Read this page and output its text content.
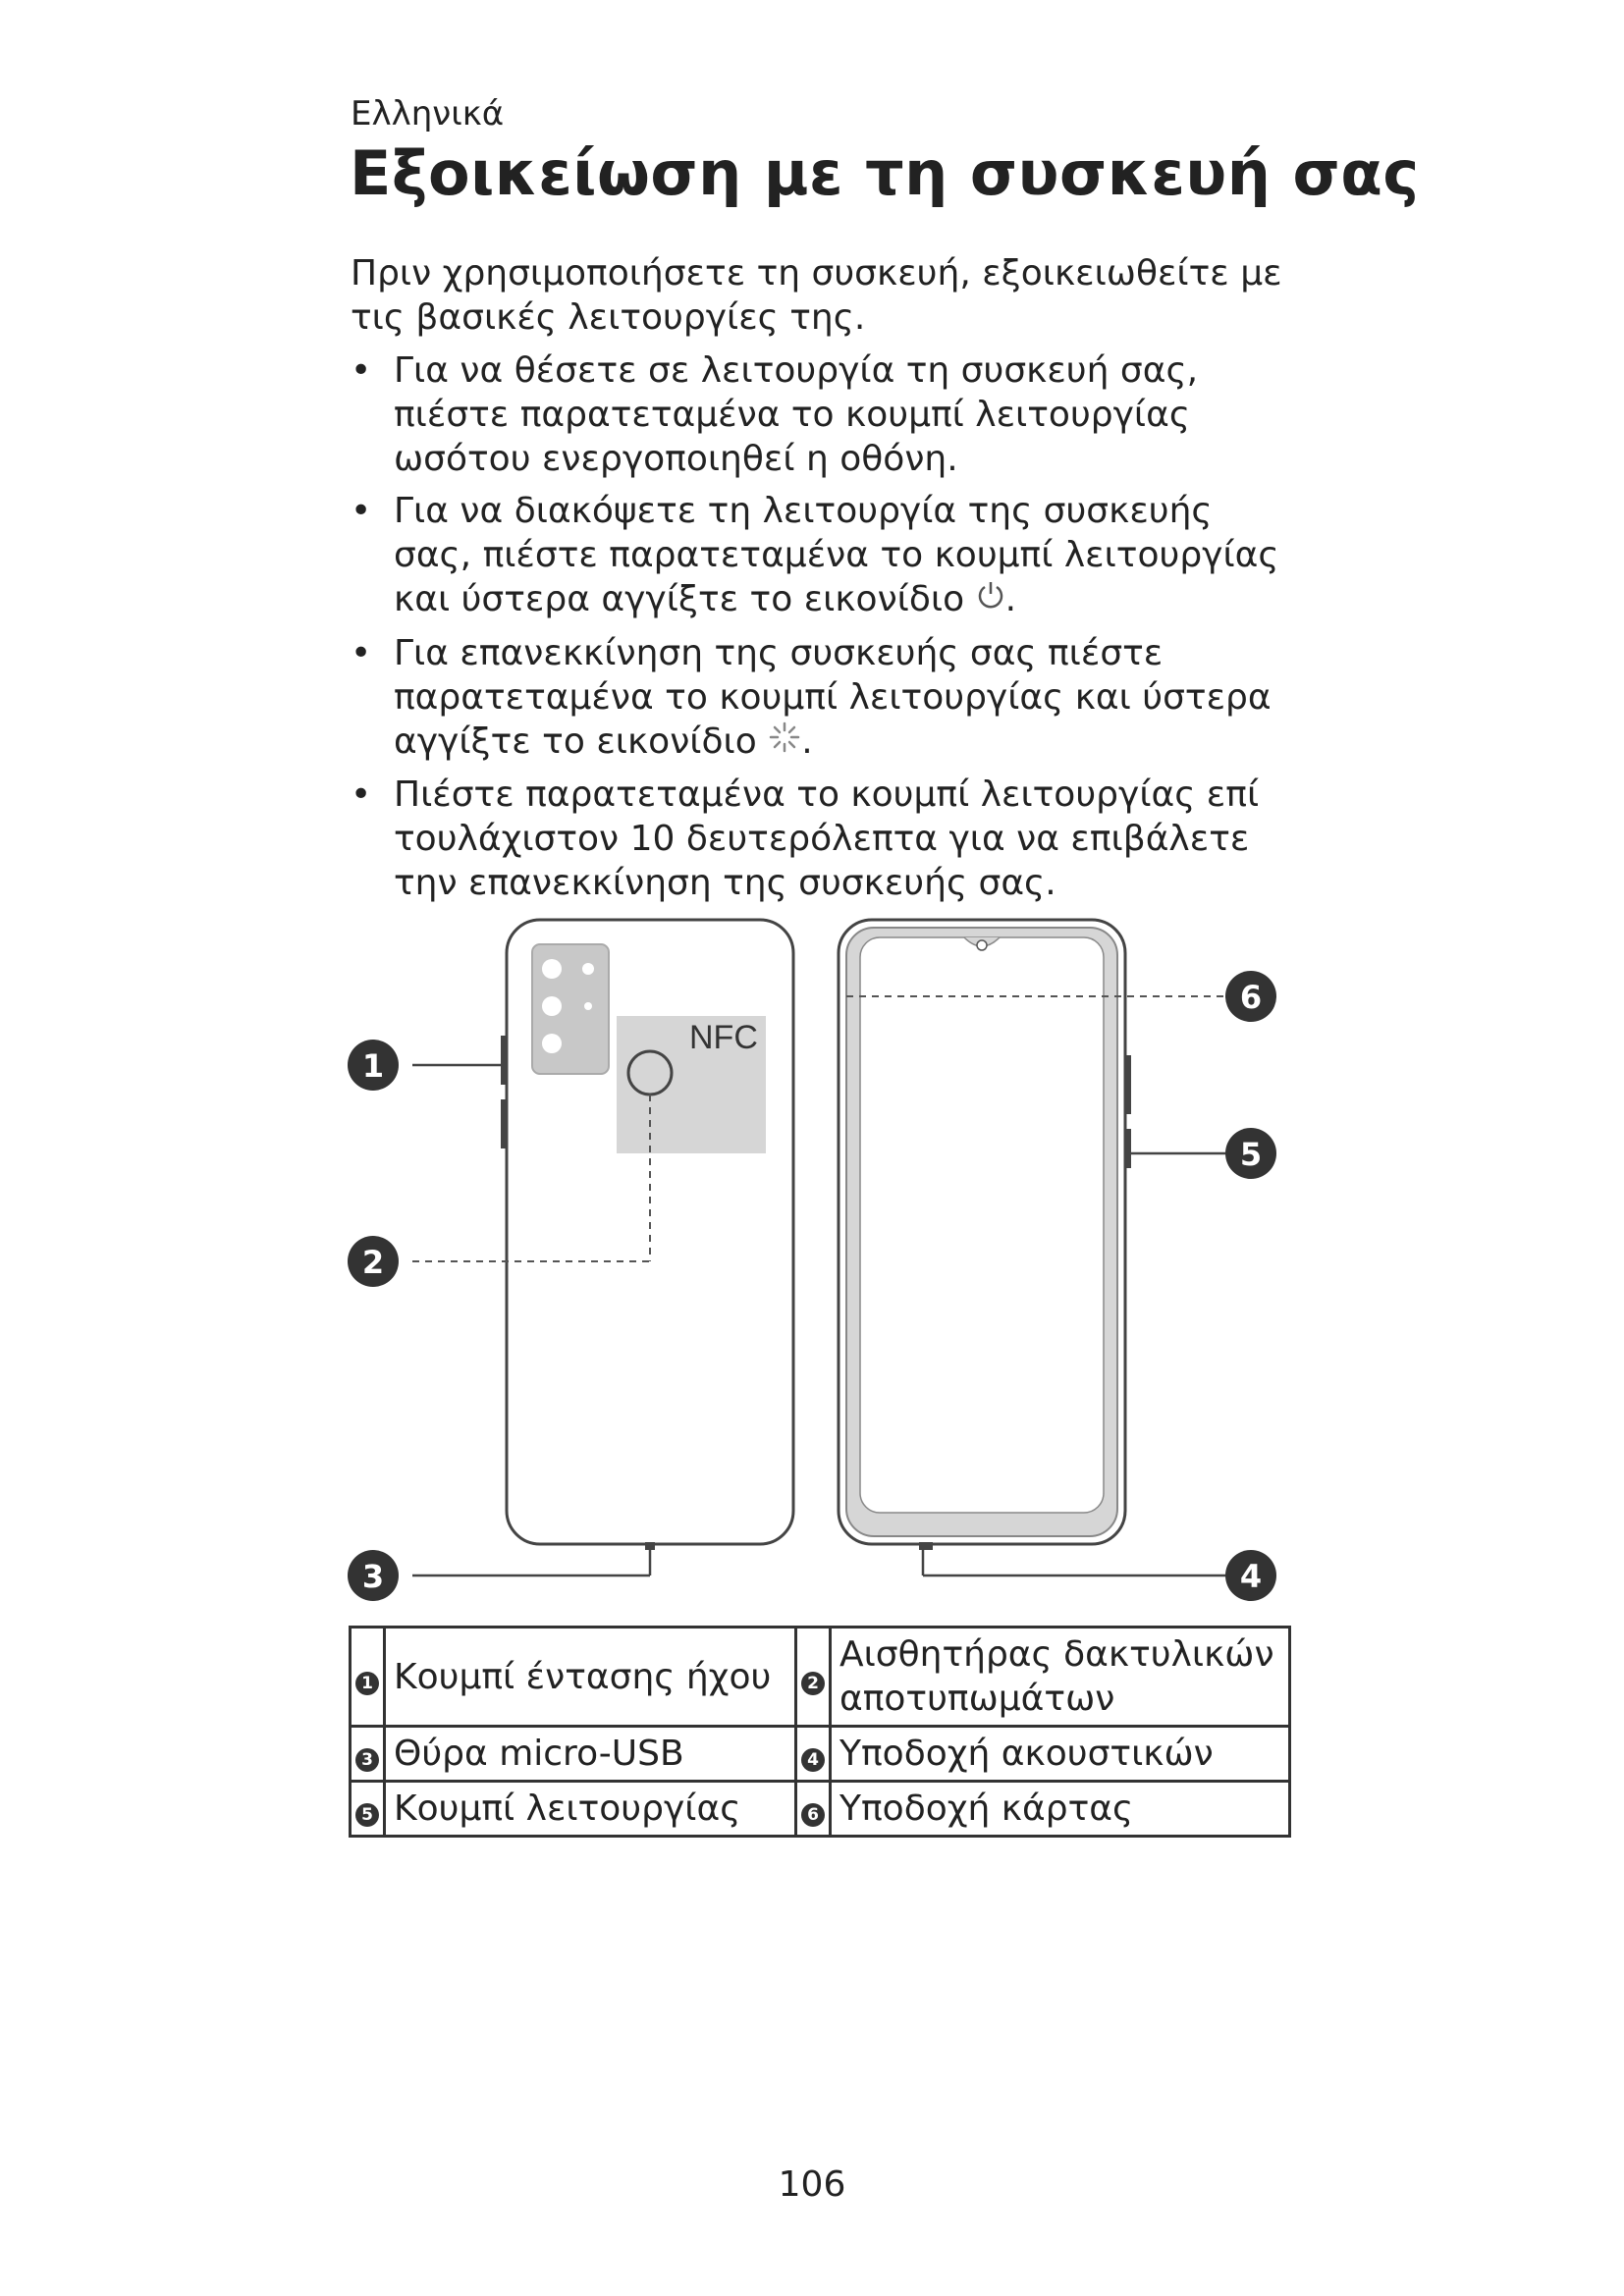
Ελληνικά
Εξοικείωση με τη συσκευή σας

Πριν χρησιμοποιήσετε τη συσκευή, εξοικειωθείτε με τις βασικές λειτουργίες της.

• Για να θέσετε σε λειτουργία τη συσκευή σας, πιέστε παρατεταμένα το κουμπί λειτουργίας ωσότου ενεργοποιηθεί η οθόνη.
• Για να διακόψετε τη λειτουργία της συσκευής σας, πιέστε παρατεταμένα το κουμπί λειτουργίας και ύστερα αγγίξτε το εικονίδιο .
• Για επανεκκίνηση της συσκευής σας πιέστε παρατεταμένα το κουμπί λειτουργίας και ύστερα αγγίξτε το εικονίδιο .
• Πιέστε παρατεταμένα το κουμπί λειτουργίας επί τουλάχιστον 10 δευτερόλεπτα για να επιβάλετε την επανεκκίνηση της συσκευής σας.
NFC
1
2
3	4
5
6
1	Κουμπί έντασης ήχου	2	Αισθητήρας δακτυλικών αποτυπωμάτων
3	Θύρα micro-USB	4	Υποδοχή ακουστικών
5	Κουμπί λειτουργίας	6	Υποδοχή κάρτας
106
